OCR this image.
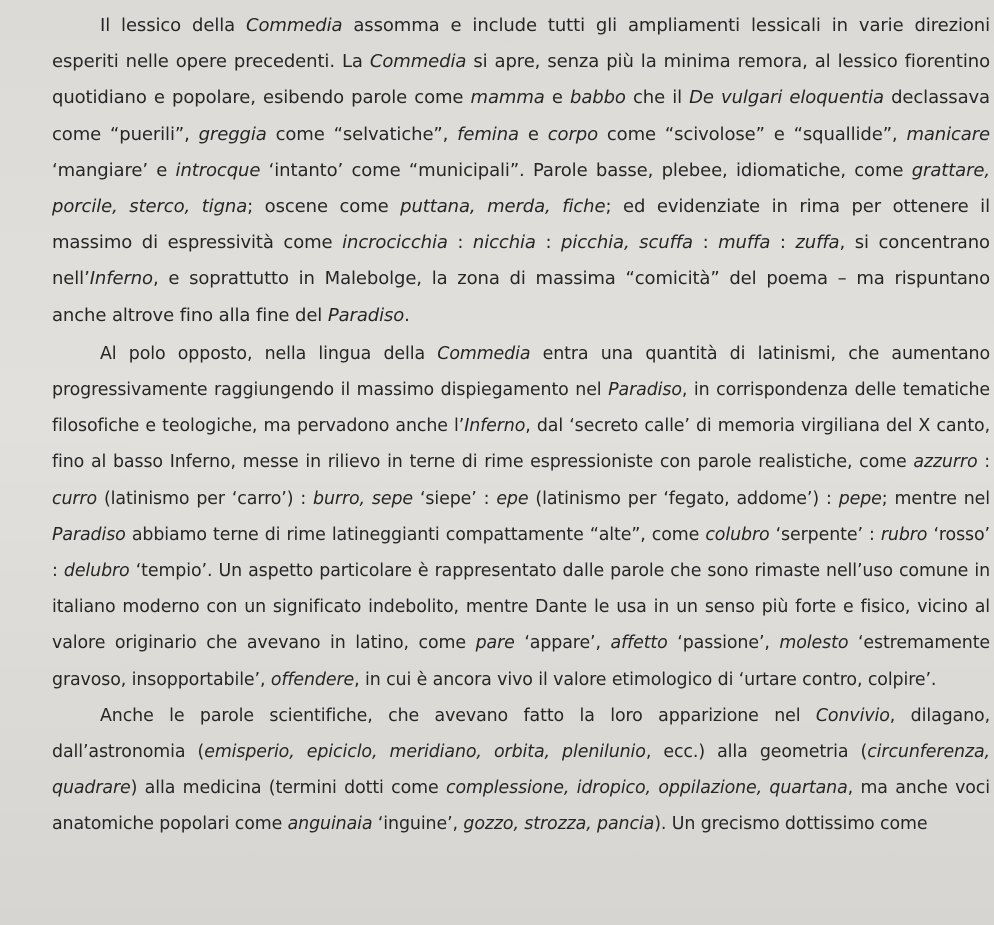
Il lessico della Commedia assomma e include tutti gli ampliamenti lessicali in varie direzioni esperiti nelle opere precedenti. La Commedia si apre, senza più la minima remora, al lessico fiorentino quotidiano e popolare, esibendo parole come mamma e babbo che il De vulgari eloquentia declassava come “puerili”, greggia come “selvatiche”, femina e corpo come “scivolose” e “squallide”, manicare ‘mangiare’ e introcque ‘intanto’ come “municipali”. Parole basse, plebee, idiomatiche, come grattare, porcile, sterco, tigna; oscene come puttana, merda, fiche; ed evidenziate in rima per ottenere il massimo di espressività come incrocicchia : nicchia : picchia, scuffa : muffa : zuffa, si concentrano nell’Inferno, e soprattutto in Malebolge, la zona di massima “comicità” del poema – ma rispuntano anche altrove fino alla fine del Paradiso.

Al polo opposto, nella lingua della Commedia entra una quantità di latinismi, che aumentano progressivamente raggiungendo il massimo dispiegamento nel Paradiso, in corrispondenza delle tematiche filosofiche e teologiche, ma pervadono anche l’Inferno, dal ‘secreto calle’ di memoria virgiliana del X canto, fino al basso Inferno, messe in rilievo in terne di rime espressioniste con parole realistiche, come azzurro : curro (latinismo per ‘carro’) : burro, sepe ‘siepe’ : epe (latinismo per ‘fegato, addome’) : pepe; mentre nel Paradiso abbiamo terne di rime latineggianti compattamente “alte”, come colubro ‘serpente’ : rubro ‘rosso’ : delubro ‘tempio’. Un aspetto particolare è rappresentato dalle parole che sono rimaste nell’uso comune in italiano moderno con un significato indebolito, mentre Dante le usa in un senso più forte e fisico, vicino al valore originario che avevano in latino, come pare ‘appare’, affetto ‘passione’, molesto ‘estremamente gravoso, insopportabile’, offendere, in cui è ancora vivo il valore etimologico di ‘urtare contro, colpire’.

Anche le parole scientifiche, che avevano fatto la loro apparizione nel Convivio, dilagano, dall’astronomia (emisperio, epiciclo, meridiano, orbita, plenilunio, ecc.) alla geometria (circunferenza, quadrare) alla medicina (termini dotti come complessione, idropico, oppilazione, quartana, ma anche voci anatomiche popolari come anguinaia ‘inguine’, gozzo, strozza, pancia). Un grecismo dottissimo come
